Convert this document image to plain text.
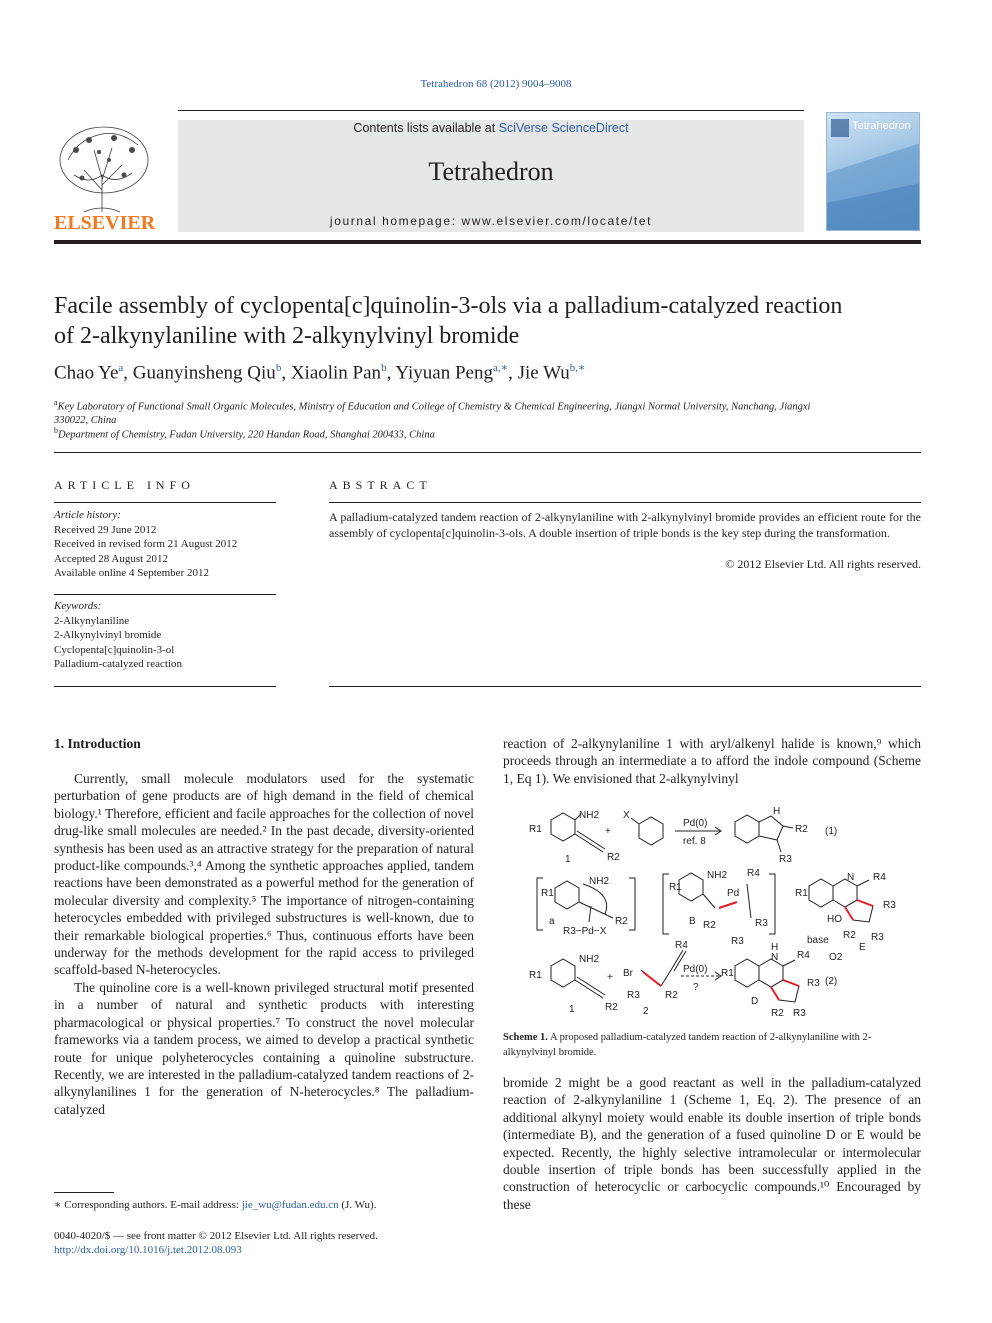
Tetrahedron 68 (2012) 9004–9008
ELSEVIER
Contents lists available at SciVerse ScienceDirect
Tetrahedron
journal homepage: www.elsevier.com/locate/tet
Tetrahedron
Facile assembly of cyclopenta[c]quinolin-3-ols via a palladium-catalyzed reaction
of 2-alkynylaniline with 2-alkynylvinyl bromide
Chao Ye$^a$, Guanyinsheng Qiu$^b$, Xiaolin Pan$^b$, Yiyuan Peng$^{a,∗}$, Jie $Wu^{b,∗}$
$^a$Key Laboratory of Functional Small Organic Molecules, Ministry of Education and College of Chemistry & Chemical Engineering, Jiangxi Normal University, Nanchang, Jiangxi
330022, China
$^b$Department of Chemistry, Fudan University, 220 Handan Road, Shanghai 200433, China
ARTICLE INFO
Article history:
Received 29 June 2012
Received in revised form 21 August 2012
Accepted 28 August 2012
Available online 4 September 2012
Keywords:
2-Alkynylaniline
2-Alkynylvinyl bromide
Cyclopenta[c]quinolin-3-ol
Palladium-catalyzed reaction
ABSTRACT
A palladium-catalyzed tandem reaction of 2-alkynylaniline with 2-alkynylvinyl bromide provides an efficient route for the assembly of cyclopenta[c]quinolin-3-ols. A double insertion of triple bonds is the key step during the transformation.
© 2012 Elsevier Ltd. All rights reserved.
1. Introduction

Currently, small molecule modulators used for the systematic perturbation of gene products are of high demand in the field of chemical biology.¹ Therefore, efficient and facile approaches for the collection of novel drug-like small molecules are needed.² In the past decade, diversity-oriented synthesis has been used as an attractive strategy for the preparation of natural product-like compounds.³,⁴ Among the synthetic approaches applied, tandem reactions have been demonstrated as a powerful method for the generation of molecular diversity and complexity.⁵ The importance of nitrogen-containing heterocycles embedded with privileged substructures is well-known, due to their remarkable biological properties.⁶ Thus, continuous efforts have been underway for the methods development for the rapid access to privileged scaffold-based N-heterocycles.

The quinoline core is a well-known privileged structural motif presented in a number of natural and synthetic products with interesting pharmacological or physical properties.⁷ To construct the novel molecular frameworks via a tandem process, we aimed to develop a practical synthetic route for unique polyheterocycles containing a quinoline substructure. Recently, we are interested in the palladium-catalyzed tandem reactions of 2-alkynylanilines 1 for the generation of N-heterocycles.⁸ The palladium-catalyzed

reaction of 2-alkynylaniline 1 with aryl/alkenyl halide is known,⁹ which proceeds through an intermediate a to afford the indole compound (Scheme 1, Eq 1). We envisioned that 2-alkynylvinyl

R1
NH2
R2
1
+
X
Pd(0)
ref. 8
H
R2
R3
(1)
R1
NH2
R2
a
R3−Pd−X
R1
NH2
Pd
R4
R3
R2
R3
B
R1
N R4
R3
HO
R2 R3
base
O2
E
R1
NH2
R2
1
+ Br
R4
R3	R2
2
Pd(0)
?
H
N
R1
R4
R3
R2 R3
D
(2)
Scheme 1. A proposed palladium-catalyzed tandem reaction of 2-alkynylaniline with 2-alkynylvinyl bromide.

bromide 2 might be a good reactant as well in the palladium-catalyzed reaction of 2-alkynylaniline 1 (Scheme 1, Eq. 2). The presence of an additional alkynyl moiety would enable its double insertion of triple bonds (intermediate B), and the generation of a fused quinoline D or E would be expected. Recently, the highly selective intramolecular or intermolecular double insertion of triple bonds has been successfully applied in the construction of heterocyclic or carbocyclic compounds.¹⁰ Encouraged by these

∗ Corresponding authors. E-mail address: jie_wu@fudan.edu.cn (J. Wu).
0040-4020/$ — see front matter © 2012 Elsevier Ltd. All rights reserved.
http://dx.doi.org/10.1016/j.tet.2012.08.093
